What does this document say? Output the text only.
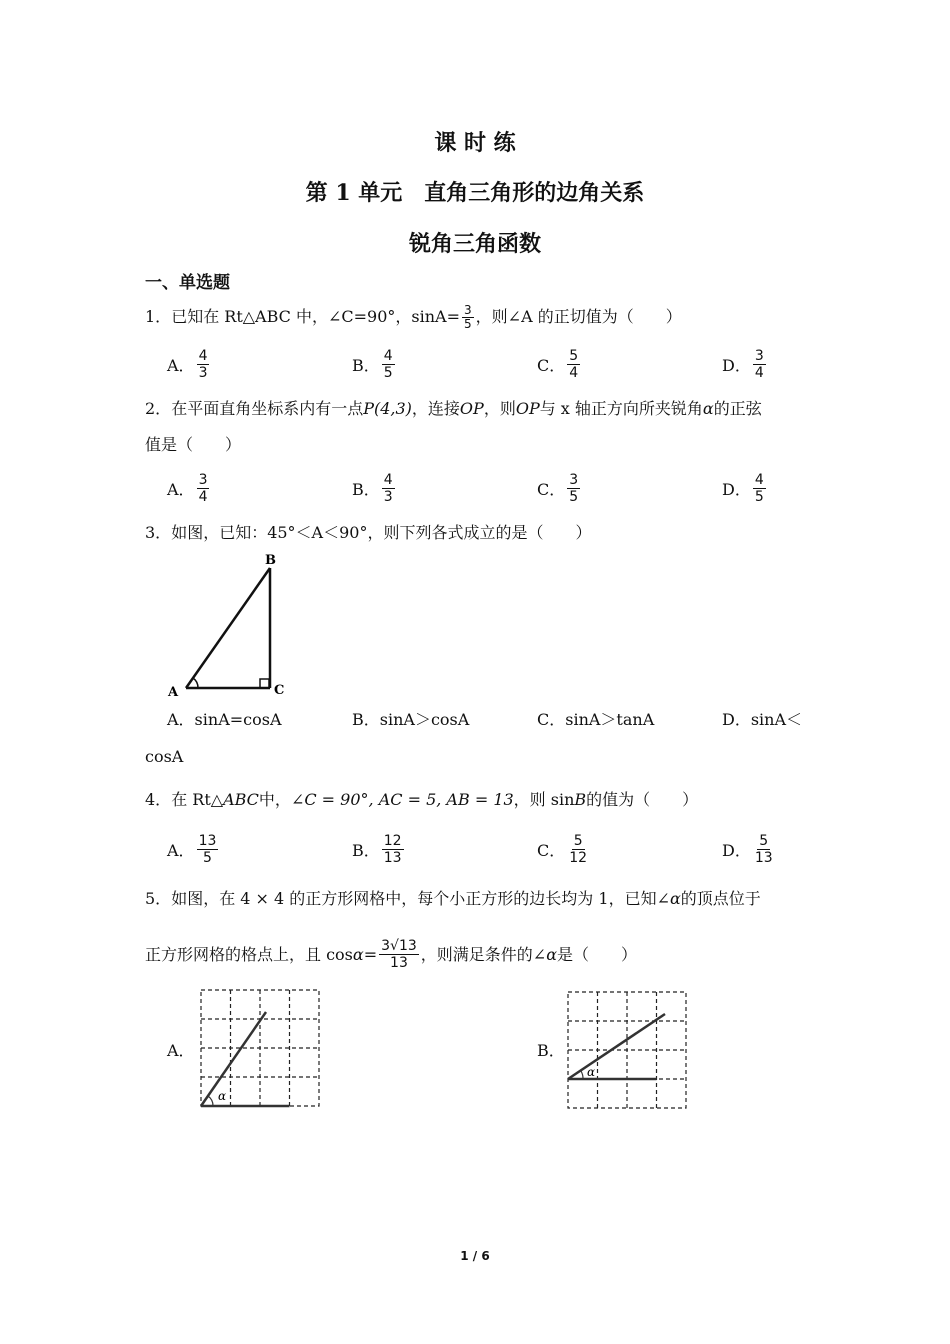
课 时 练
第 1 单元　直角三角形的边角关系
锐角三角函数
一、单选题
1．已知在 Rt△ABC 中，∠C=90°，$\sin A= \frac{3}{5}$ ，则∠A 的正切值为（　　）
A． $\frac{4}{3}$	B． $\frac{4}{5}$	C． $\frac{5}{4}$	D． $\frac{3}{4}$
2．在平面直角坐标系内有一点P(4,3)，连接OP，则OP与 x 轴正方向所夹锐角α的正弦
值是（　　）
A． $\frac{3}{4}$	B． $\frac{4}{3}$	C． $\frac{3}{5}$	D． $\frac{4}{5}$
3．如图，已知：45°＜A＜90°，则下列各式成立的是（　　）
B
A	C
A．sinA=cosA	B．sinA＞cosA	C．sinA＞tanA	D．sinA＜
cosA
4．在 Rt△ABC中，∠C = 90°, AC = 5, AB = 13，则 sinB的值为（　　）
A． $\frac{13}{5}$	B． $\frac{12}{13}$	C． $\frac{5}{12}$	D． $\frac{5}{13}$
5．如图，在 4 × 4 的正方形网格中，每个小正方形的边长均为 1，已知∠α的顶点位于
正方形网格的格点上，且 $\cos \alpha = \frac{3√13}{13}$ ，则满足条件的∠ α 是（　　）
A．
α
B．
α
1 / 6
